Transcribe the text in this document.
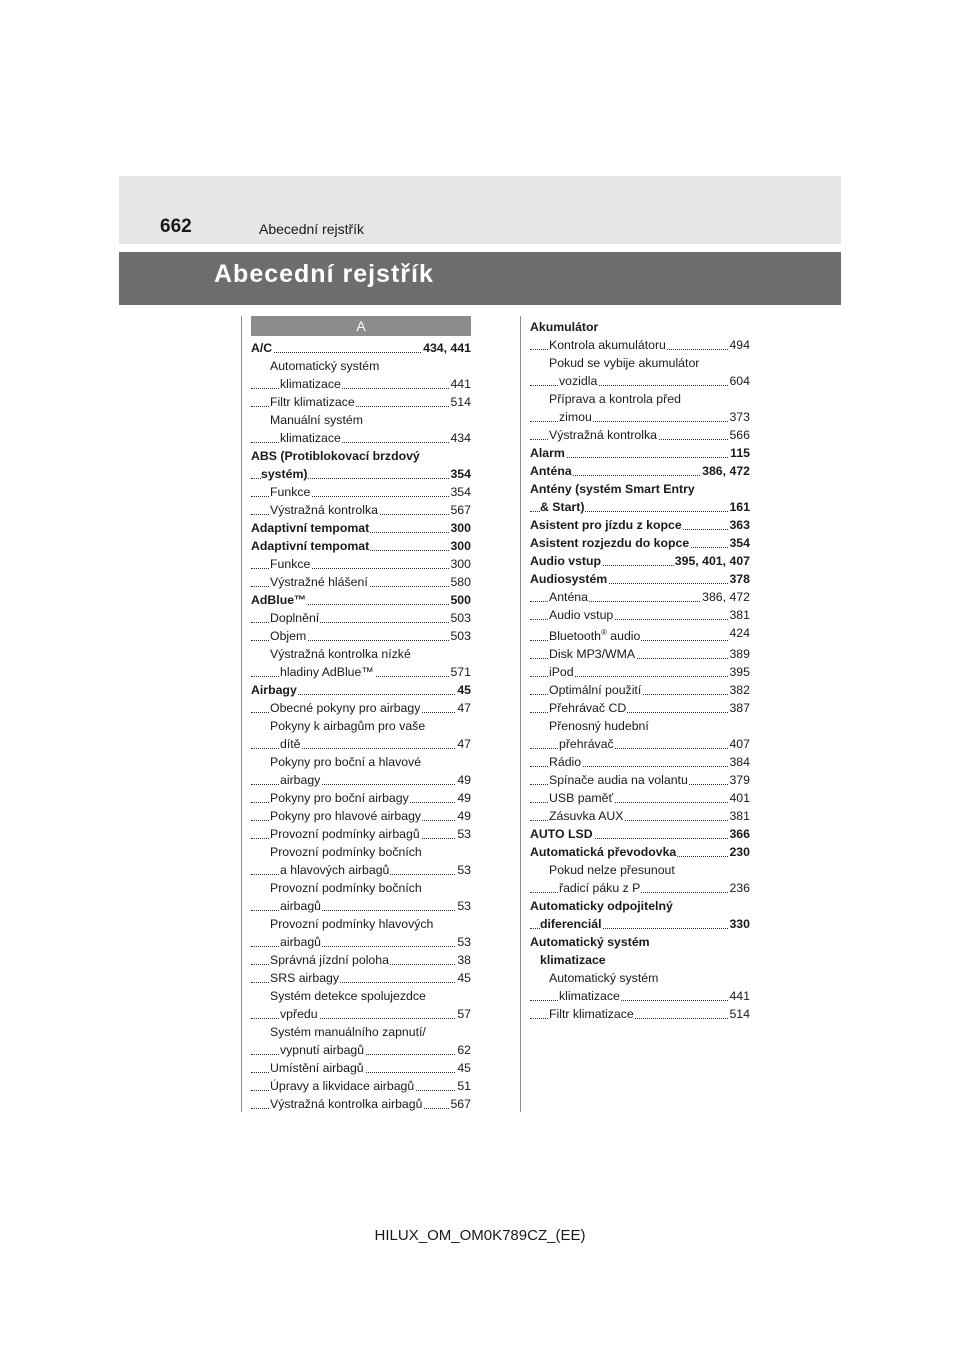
662	Abecední rejstřík
Abecední rejstřík
A
A/C	434, 441
Automatický systém
klimatizace	441
Filtr klimatizace	514
Manuální systém
klimatizace	434
ABS (Protiblokovací brzdový
systém)	354
Funkce	354
Výstražná kontrolka	567
Adaptivní tempomat	300
Adaptivní tempomat	300
Funkce	300
Výstražné hlášení	580
AdBlue™	500
Doplnění	503
Objem	503
Výstražná kontrolka nízké
hladiny AdBlue™	571
Airbagy	45
Obecné pokyny pro airbagy	47
Pokyny k airbagům pro vaše
dítě	47
Pokyny pro boční a hlavové
airbagy	49
Pokyny pro boční airbagy	49
Pokyny pro hlavové airbagy	49
Provozní podmínky airbagů	53
Provozní podmínky bočních
a hlavových airbagů	53
Provozní podmínky bočních
airbagů	53
Provozní podmínky hlavových
airbagů	53
Správná jízdní poloha	38
SRS airbagy	45
Systém detekce spolujezdce
vpředu	57
Systém manuálního zapnutí/
vypnutí airbagů	62
Umístění airbagů	45
Úpravy a likvidace airbagů	51
Výstražná kontrolka airbagů 567
Akumulátor
Kontrola akumulátoru	494
Pokud se vybije akumulátor
vozidla	604
Příprava a kontrola před
zimou	373
Výstražná kontrolka	566
Alarm	115
Anténa	386, 472
Antény (systém Smart Entry
& Start)	161
Asistent pro jízdu z kopce	363
Asistent rozjezdu do kopce	354
Audio vstup	395, 401, 407
Audiosystém	378
Anténa	386, 472
Audio vstup	381
Bluetooth® audio	424
Disk MP3/WMA	389
iPod	395
Optimální použití	382
Přehrávač CD	387
Přenosný hudební
přehrávač	407
Rádio	384
Spínače audia na volantu	379
USB paměť	401
Zásuvka AUX	381
AUTO LSD	366
Automatická převodovka	230
Pokud nelze přesunout
řadicí páku z P	236
Automaticky odpojitelný
diferenciál	330
Automatický systém
klimatizace
Automatický systém
klimatizace	441
Filtr klimatizace	514
HILUX_OM_OM0K789CZ_(EE)
